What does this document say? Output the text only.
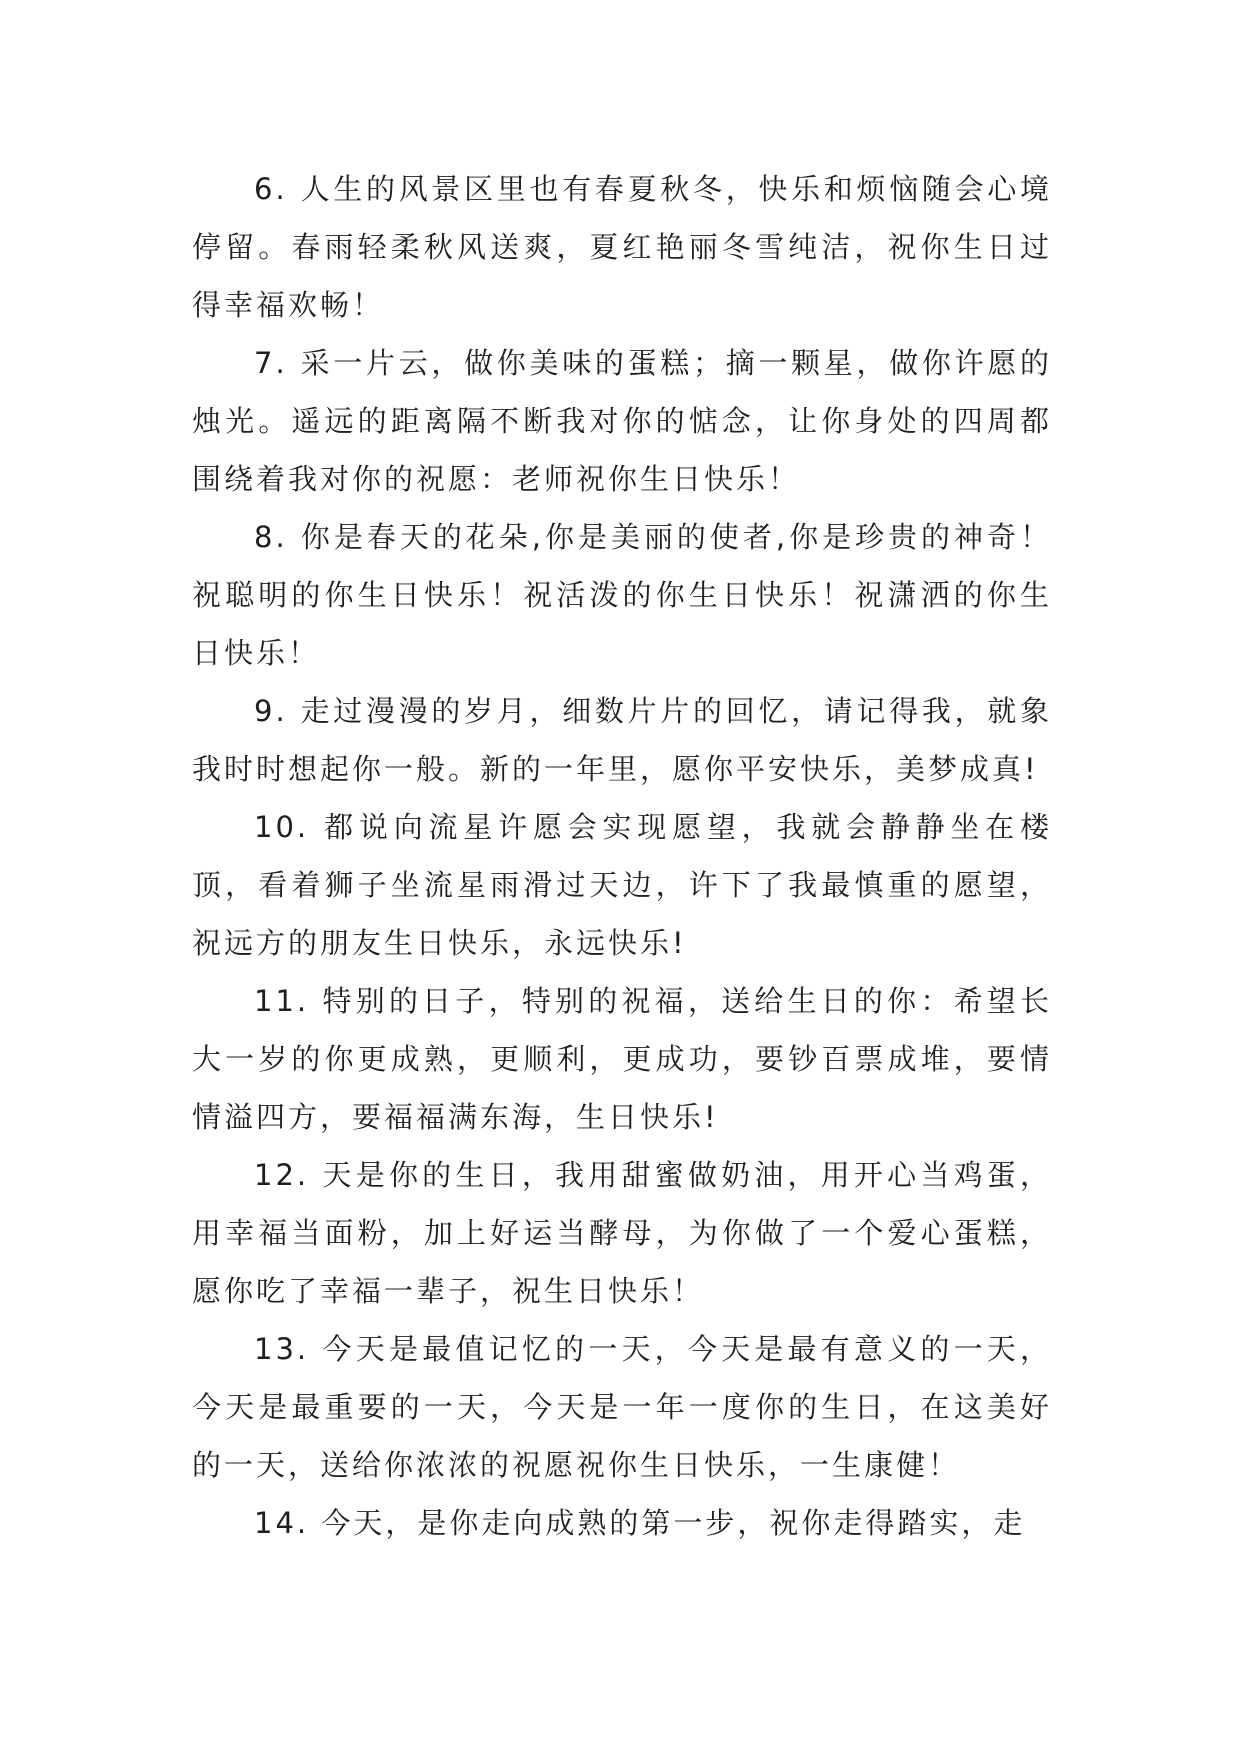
6. 人生的风景区里也有春夏秋冬，快乐和烦恼随会心境停留。春雨轻柔秋风送爽，夏红艳丽冬雪纯洁，祝你生日过得幸福欢畅！

7. 采一片云，做你美味的蛋糕；摘一颗星，做你许愿的烛光。遥远的距离隔不断我对你的惦念，让你身处的四周都围绕着我对你的祝愿：老师祝你生日快乐！

8. 你是春天的花朵,你是美丽的使者,你是珍贵的神奇！祝聪明的你生日快乐！祝活泼的你生日快乐！祝潇洒的你生日快乐！

9. 走过漫漫的岁月，细数片片的回忆，请记得我，就象我时时想起你一般。新的一年里，愿你平安快乐，美梦成真!

10. 都说向流星许愿会实现愿望，我就会静静坐在楼顶，看着狮子坐流星雨滑过天边，许下了我最慎重的愿望，祝远方的朋友生日快乐，永远快乐!

11. 特别的日子，特别的祝福，送给生日的你：希望长大一岁的你更成熟，更顺利，更成功，要钞百票成堆，要情情溢四方，要福福满东海，生日快乐!

12. 天是你的生日，我用甜蜜做奶油，用开心当鸡蛋，用幸福当面粉，加上好运当酵母，为你做了一个爱心蛋糕，愿你吃了幸福一辈子，祝生日快乐！

13. 今天是最值记忆的一天，今天是最有意义的一天，今天是最重要的一天，今天是一年一度你的生日，在这美好的一天，送给你浓浓的祝愿祝你生日快乐，一生康健！

14. 今天，是你走向成熟的第一步，祝你走得踏实，走
